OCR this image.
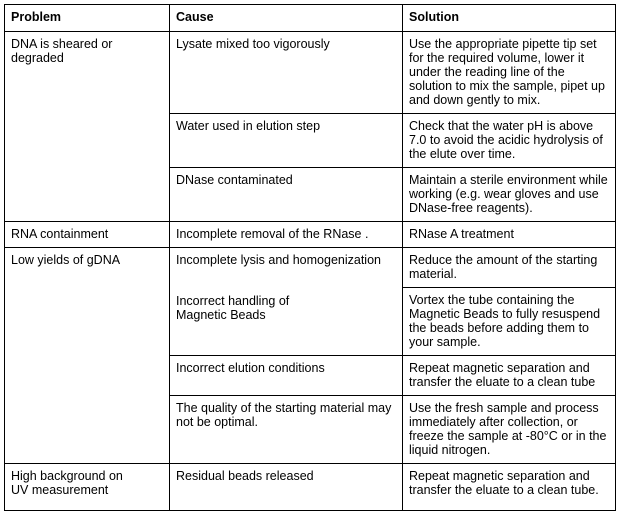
Problem	Cause	Solution
DNA is sheared or degraded	Lysate mixed too vigorously	Use the appropriate pipette tip set for the required volume, lower it under the reading line of the solution to mix the sample, pipet up and down gently to mix.
	Water used in elution step	Check that the water pH is above 7.0 to avoid the acidic hydrolysis of the elute over time.
	DNase contaminated	Maintain a sterile environment while working (e.g. wear gloves and use DNase-free reagents).
RNA containment	Incomplete removal of the RNase .	RNase A treatment
Low yields of gDNA	Incomplete lysis and homogenization	Reduce the amount of the starting material.
	Incorrect handling of Magnetic Beads	Vortex the tube containing the Magnetic Beads to fully resuspend the beads before adding them to your sample.
	Incorrect elution conditions	Repeat magnetic separation and transfer the eluate to a clean tube
	The quality of the starting material may not be optimal.	Use the fresh sample and process immediately after collection, or freeze the sample at -80°C or in the liquid nitrogen.
High background on UV measurement	Residual beads released	Repeat magnetic separation and transfer the eluate to a clean tube.
